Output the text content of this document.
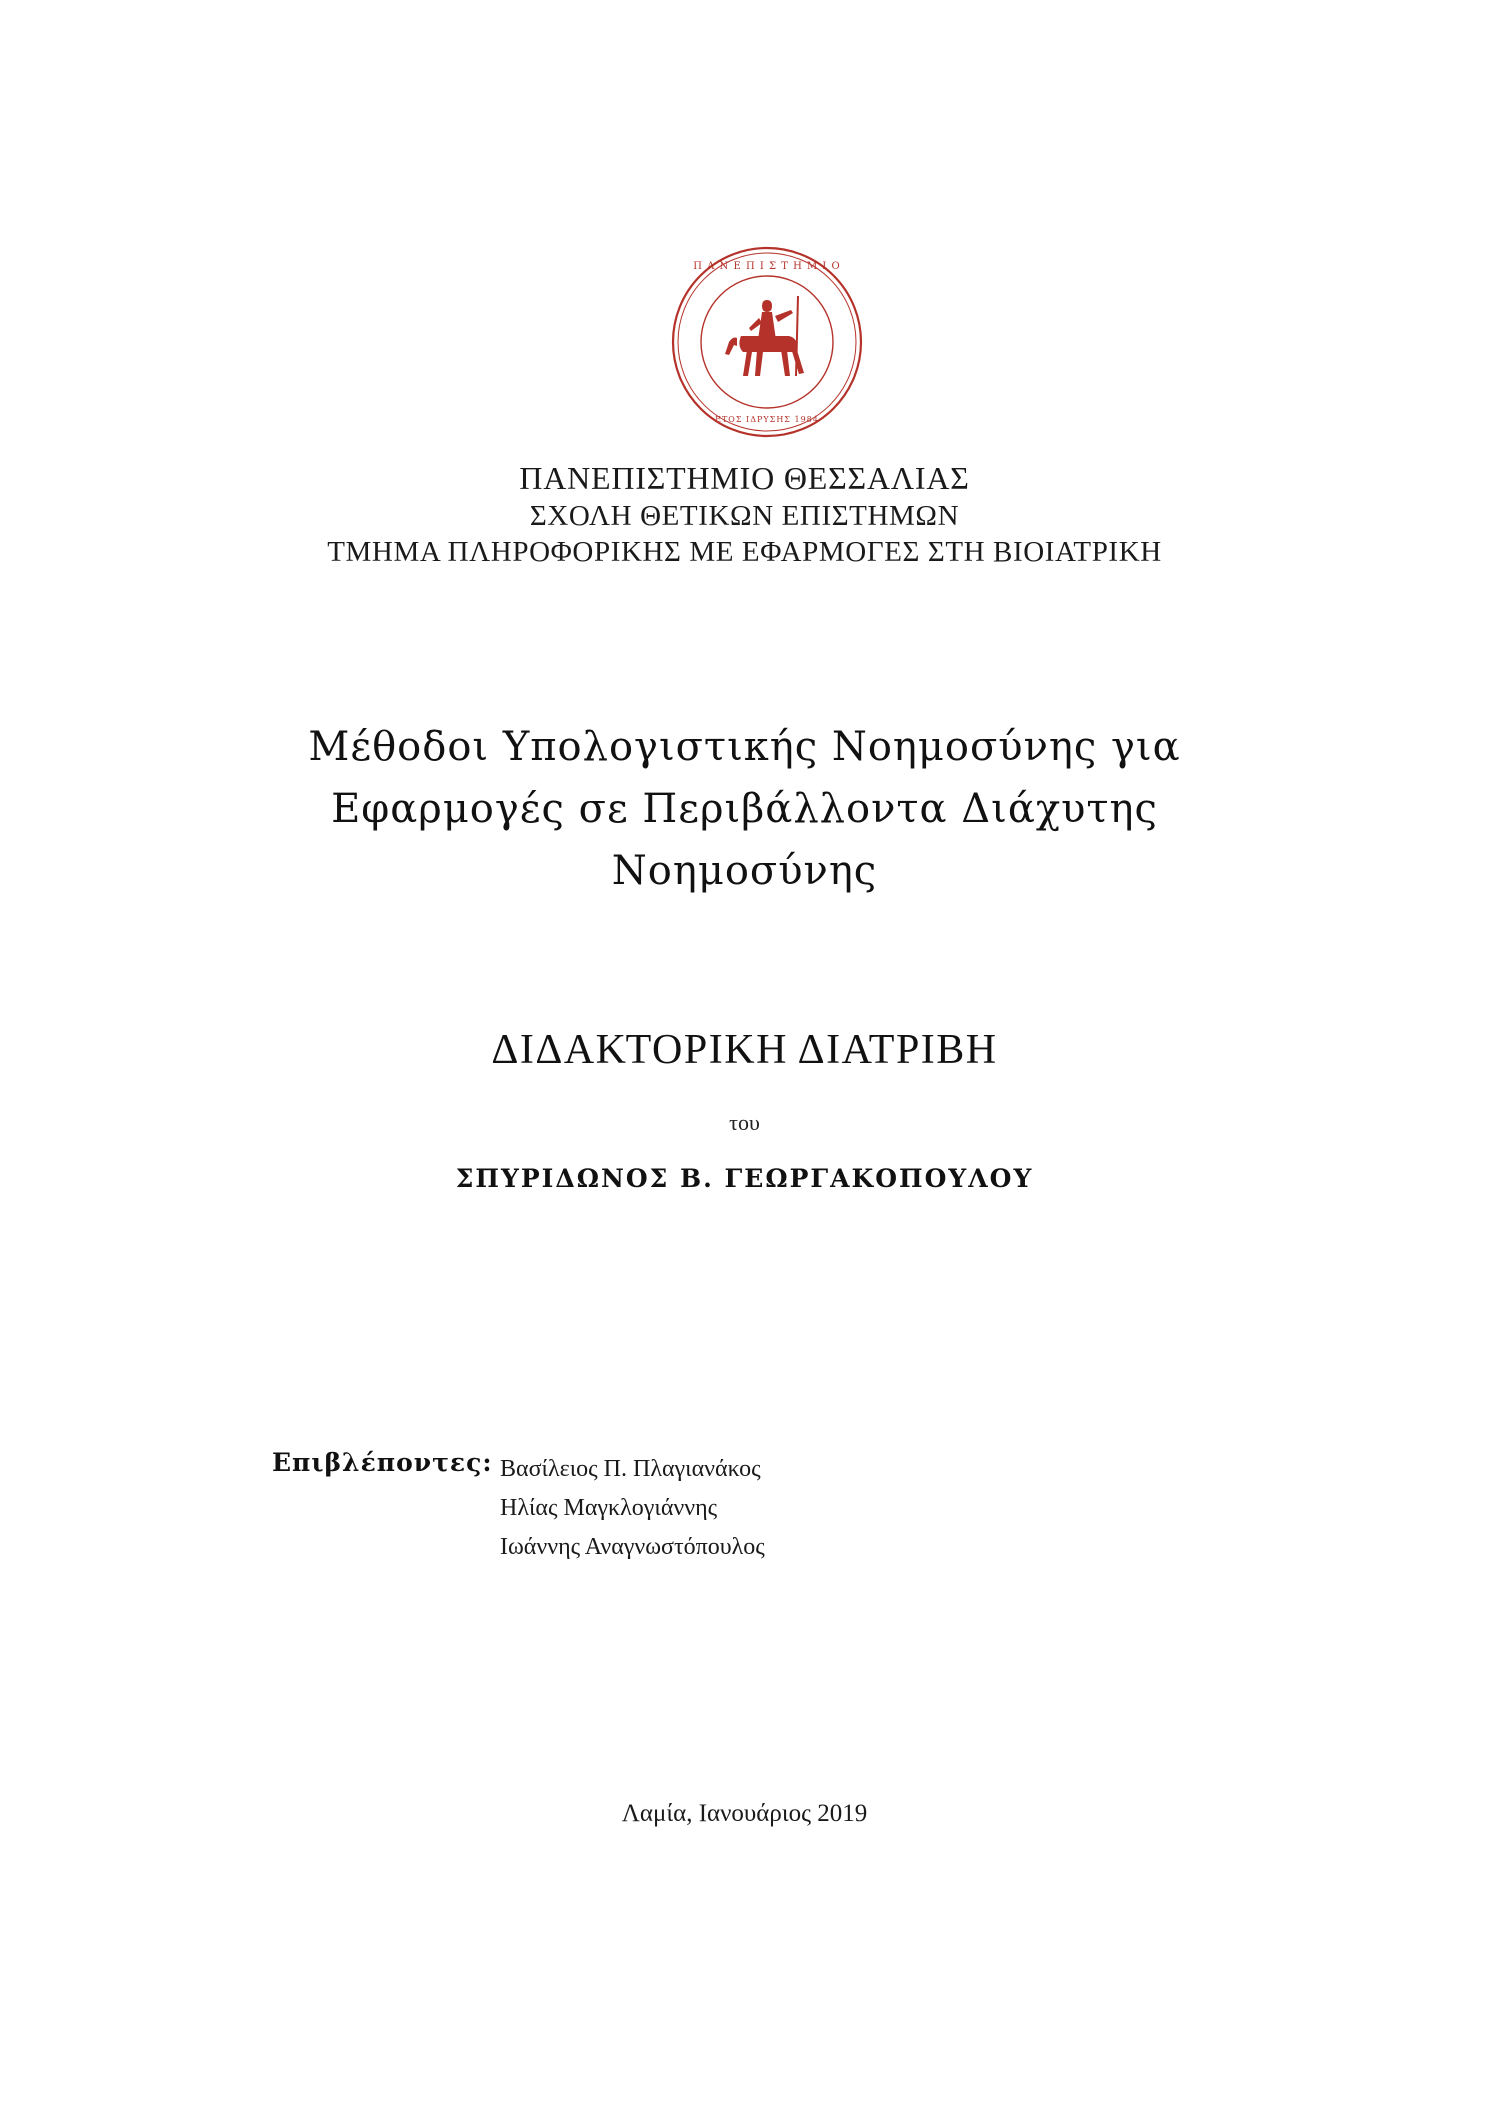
Π Α Ν Ε Π Ι Σ Τ Η Μ Ι Ο
ΕΤΟΣ ΙΔΡΥΣΗΣ 1984
ΠΑΝΕΠΙΣΤΗΜΙΟ ΘΕΣΣΑΛΙΑΣ
ΣΧΟΛΗ ΘΕΤΙΚΩΝ ΕΠΙΣΤΗΜΩΝ
ΤΜΗΜΑ ΠΛΗΡΟΦΟΡΙΚΗΣ ΜΕ ΕΦΑΡΜΟΓΕΣ ΣΤΗ ΒΙΟΙΑΤΡΙΚΗ
Μέθοδοι Υπολογιστικής Νοημοσύνης για
Εφαρμογές σε Περιβάλλοντα Διάχυτης
Νοημοσύνης
ΔΙΔΑΚΤΟΡΙΚΗ ΔΙΑΤΡΙΒΗ
του
ΣΠΥΡΙΔΩΝΟΣ Β. ΓΕΩΡΓΑΚΟΠΟΥΛΟΥ
Επιβλέποντες: Βασίλειος Π. Πλαγιανάκος
Ηλίας Μαγκλογιάννης
Ιωάννης Αναγνωστόπουλος
Λαμία, Ιανουάριος 2019
